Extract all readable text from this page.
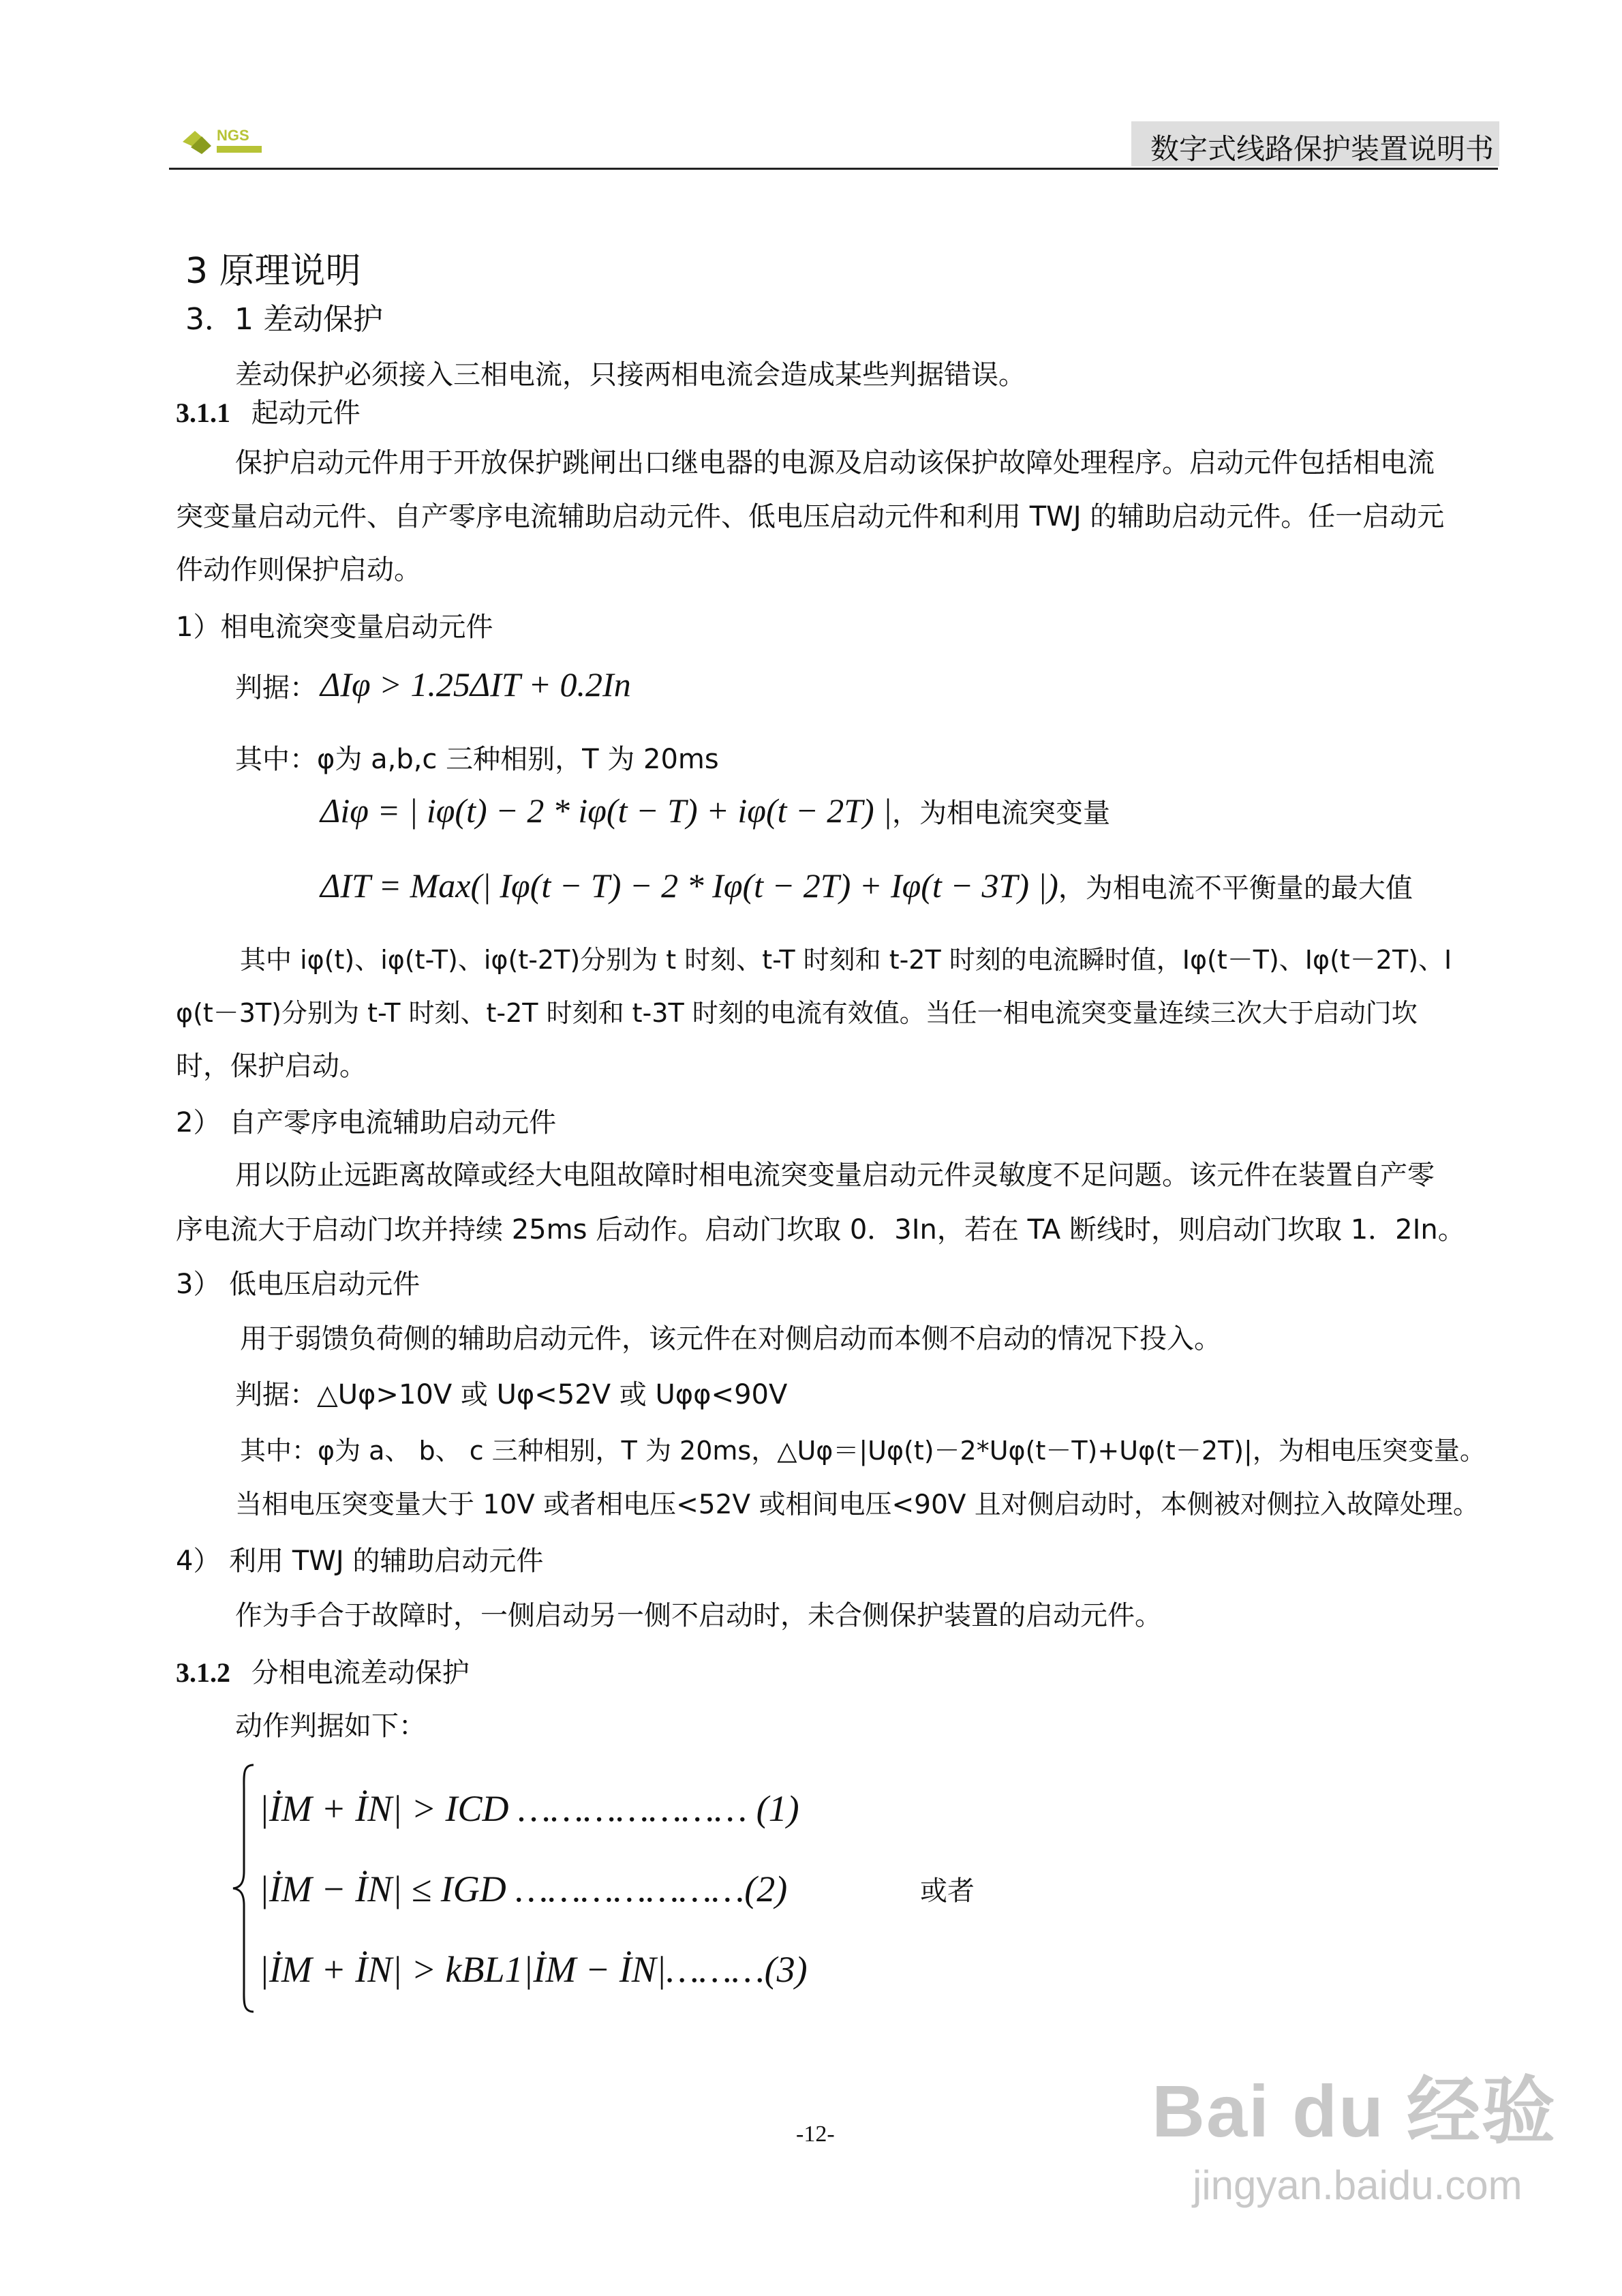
NGS	数字式线路保护装置说明书
3 原理说明
3．1 差动保护
差动保护必须接入三相电流，只接两相电流会造成某些判据错误。
3.1.1 起动元件
保护启动元件用于开放保护跳闸出口继电器的电源及启动该保护故障处理程序。启动元件包括相电流
突变量启动元件、自产零序电流辅助启动元件、低电压启动元件和利用 TWJ 的辅助启动元件。任一启动元
件动作则保护启动。
1）相电流突变量启动元件
判据： ΔIφ > 1.25ΔIT + 0.2In
其中：φ为 a,b,c 三种相别，T 为 20ms
Δiφ = | iφ(t) − 2 * iφ(t − T) + iφ(t − 2T) |，为相电流突变量
ΔIT = Max(| Iφ(t − T) − 2 * Iφ(t − 2T) + Iφ(t − 3T) |)，为相电流不平衡量的最大值
其中 iφ(t)、iφ(t-T)、iφ(t-2T)分别为 t 时刻、t-T 时刻和 t-2T 时刻的电流瞬时值，Iφ(t－T)、Iφ(t－2T)、I
φ(t－3T)分别为 t-T 时刻、t-2T 时刻和 t-3T 时刻的电流有效值。当任一相电流突变量连续三次大于启动门坎
时，保护启动。
2） 自产零序电流辅助启动元件
用以防止远距离故障或经大电阻故障时相电流突变量启动元件灵敏度不足问题。该元件在装置自产零
序电流大于启动门坎并持续 25ms 后动作。启动门坎取 0．3In，若在 TA 断线时，则启动门坎取 1．2In。
3） 低电压启动元件
用于弱馈负荷侧的辅助启动元件，该元件在对侧启动而本侧不启动的情况下投入。
判据：△Uφ>10V 或 Uφ<52V 或 Uφφ<90V
其中：φ为 a、 b、 c 三种相别，T 为 20ms，△Uφ＝|Uφ(t)－2*Uφ(t－T)+Uφ(t－2T)|，为相电压突变量。
当相电压突变量大于 10V 或者相电压<52V 或相间电压<90V 且对侧启动时，本侧被对侧拉入故障处理。
4） 利用 TWJ 的辅助启动元件
作为手合于故障时，一侧启动另一侧不启动时，未合侧保护装置的启动元件。
3.1.2 分相电流差动保护
动作判据如下：
|İM + İN| > ICD ………………… (1)
|İM − İN| ≤ IGD …………………(2)
|İM + İN| > kBL1|İM − İN|………(3)
或者
-12-	Bai du 经验
jingyan.baidu.com
